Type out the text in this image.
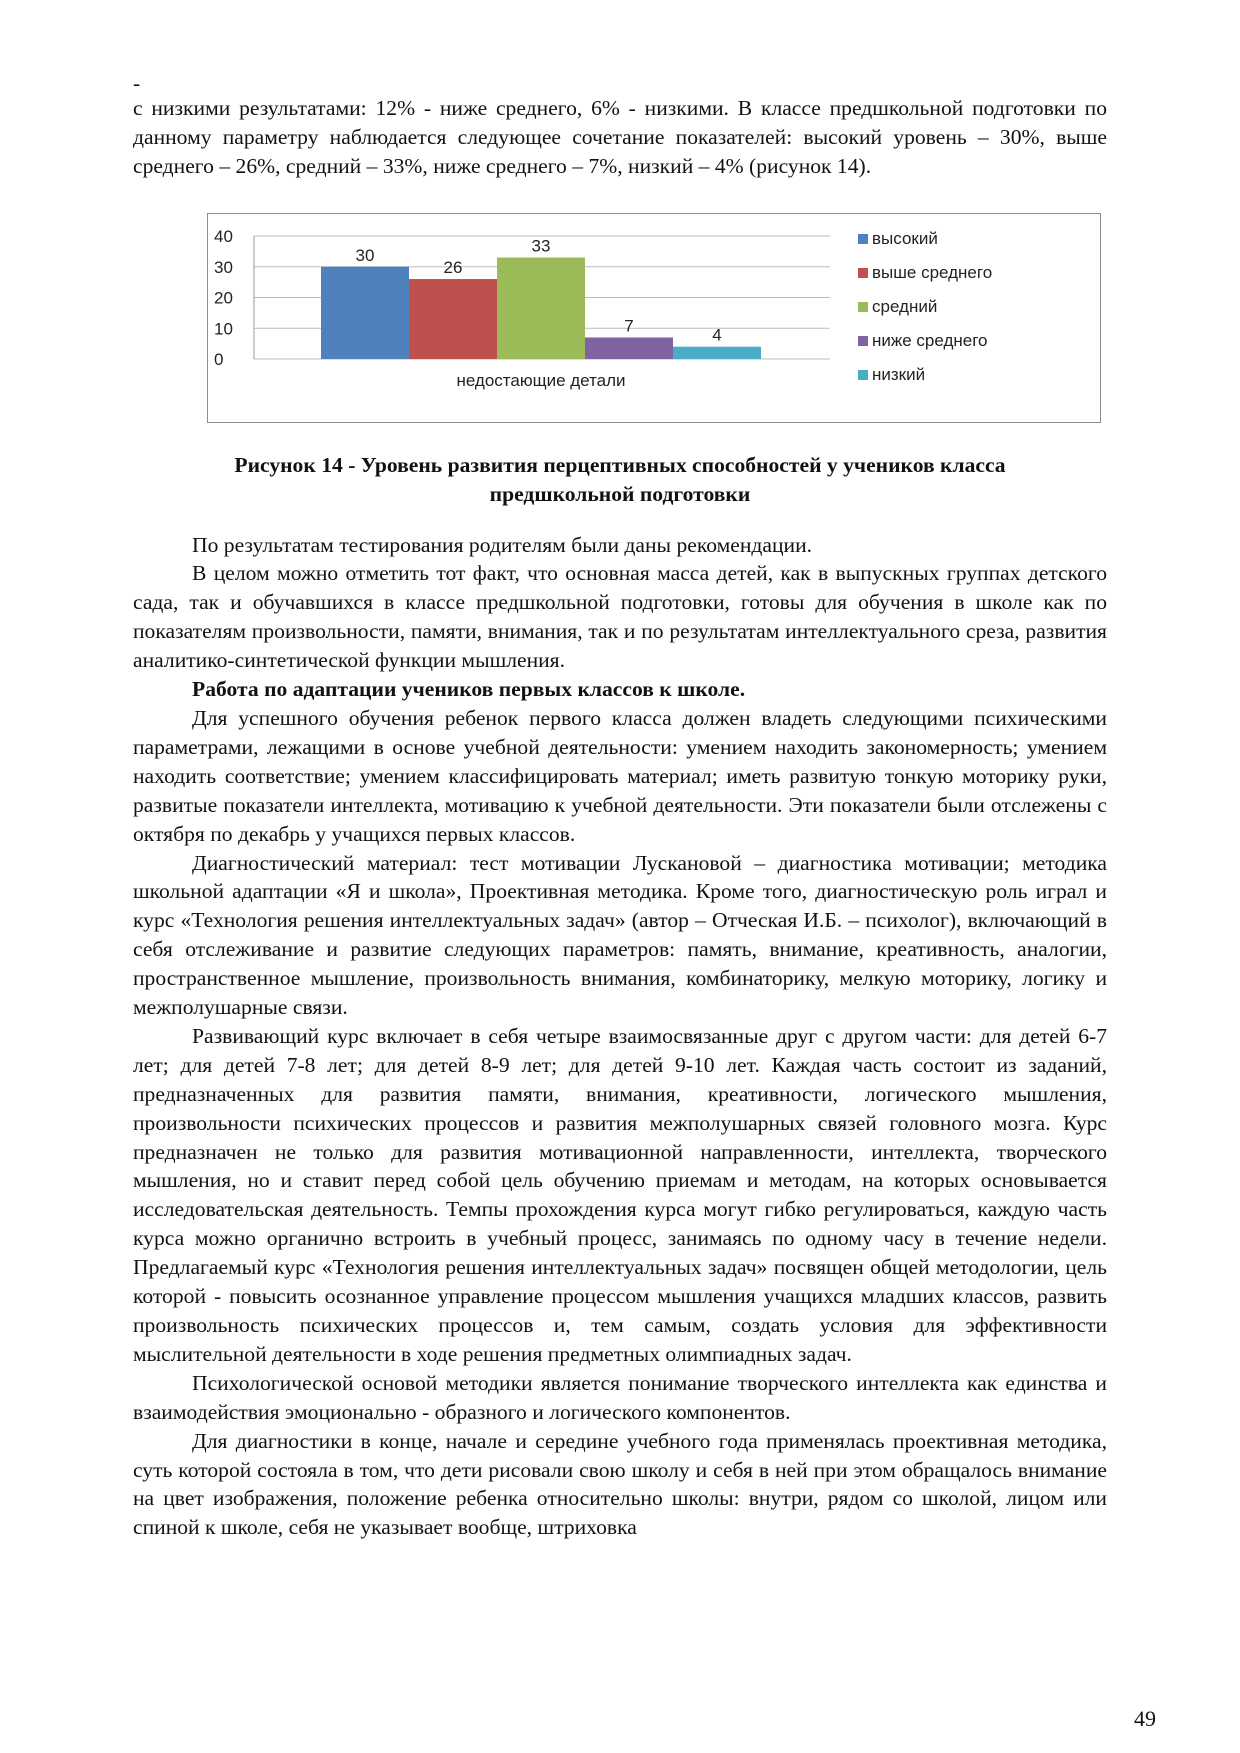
-

с низкими результатами: 12% - ниже среднего, 6% - низкими. В классе предшкольной подготовки по данному параметру наблюдается следующее сочетание показателей: высокий уровень – 30%, выше среднего – 26%, средний – 33%, ниже среднего – 7%, низкий – 4% (рисунок 14).

0
10
20
30
40
30
26
33
7	4
недостающие детали
высокий
выше среднего
средний
ниже среднего
низкий
Рисунок 14 - Уровень развития перцептивных способностей у учеников класса
предшкольной подготовки

По результатам тестирования родителям были даны рекомендации.

В целом можно отметить тот факт, что основная масса детей, как в выпускных группах детского сада, так и обучавшихся в классе предшкольной подготовки, готовы для обучения в школе как по показателям произвольности, памяти, внимания, так и по результатам интеллектуального среза, развития аналитико-синтетической функции мышления.

Работа по адаптации учеников первых классов к школе.

Для успешного обучения ребенок первого класса должен владеть следующими психическими параметрами, лежащими в основе учебной деятельности: умением находить закономерность; умением находить соответствие; умением классифицировать материал; иметь развитую тонкую моторику руки, развитые показатели интеллекта, мотивацию к учебной деятельности. Эти показатели были отслежены с октября по декабрь у учащихся первых классов.

Диагностический материал: тест мотивации Лускановой – диагностика мотивации; методика школьной адаптации «Я и школа», Проективная методика. Кроме того, диагностическую роль играл и курс «Технология решения интеллектуальных задач» (автор – Отческая И.Б. – психолог), включающий в себя отслеживание и развитие следующих параметров: память, внимание, креативность, аналогии, пространственное мышление, произвольность внимания, комбинаторику, мелкую моторику, логику и межполушарные связи.

Развивающий курс включает в себя четыре взаимосвязанные друг с другом части: для детей 6-7 лет; для детей 7-8 лет; для детей 8-9 лет; для детей 9-10 лет. Каждая часть состоит из заданий, предназначенных для развития памяти, внимания, креативности, логического мышления, произвольности психических процессов и развития межполушарных связей головного мозга. Курс предназначен не только для развития мотивационной направленности, интеллекта, творческого мышления, но и ставит перед собой цель обучению приемам и методам, на которых основывается исследовательская деятельность. Темпы прохождения курса могут гибко регулироваться, каждую часть курса можно органично встроить в учебный процесс, занимаясь по одному часу в течение недели. Предлагаемый курс «Технология решения интеллектуальных задач» посвящен общей методологии, цель которой - повысить осознанное управление процессом мышления учащихся младших классов, развить произвольность психических процессов и, тем самым, создать условия для эффективности мыслительной деятельности в ходе решения предметных олимпиадных задач.

Психологической основой методики является понимание творческого интеллекта как единства и взаимодействия эмоционально - образного и логического компонентов.

Для диагностики в конце, начале и середине учебного года применялась проективная методика, суть которой состояла в том, что дети рисовали свою школу и себя в ней при этом обращалось внимание на цвет изображения, положение ребенка относительно школы: внутри, рядом со школой, лицом или спиной к школе, себя не указывает вообще, штриховка

49
